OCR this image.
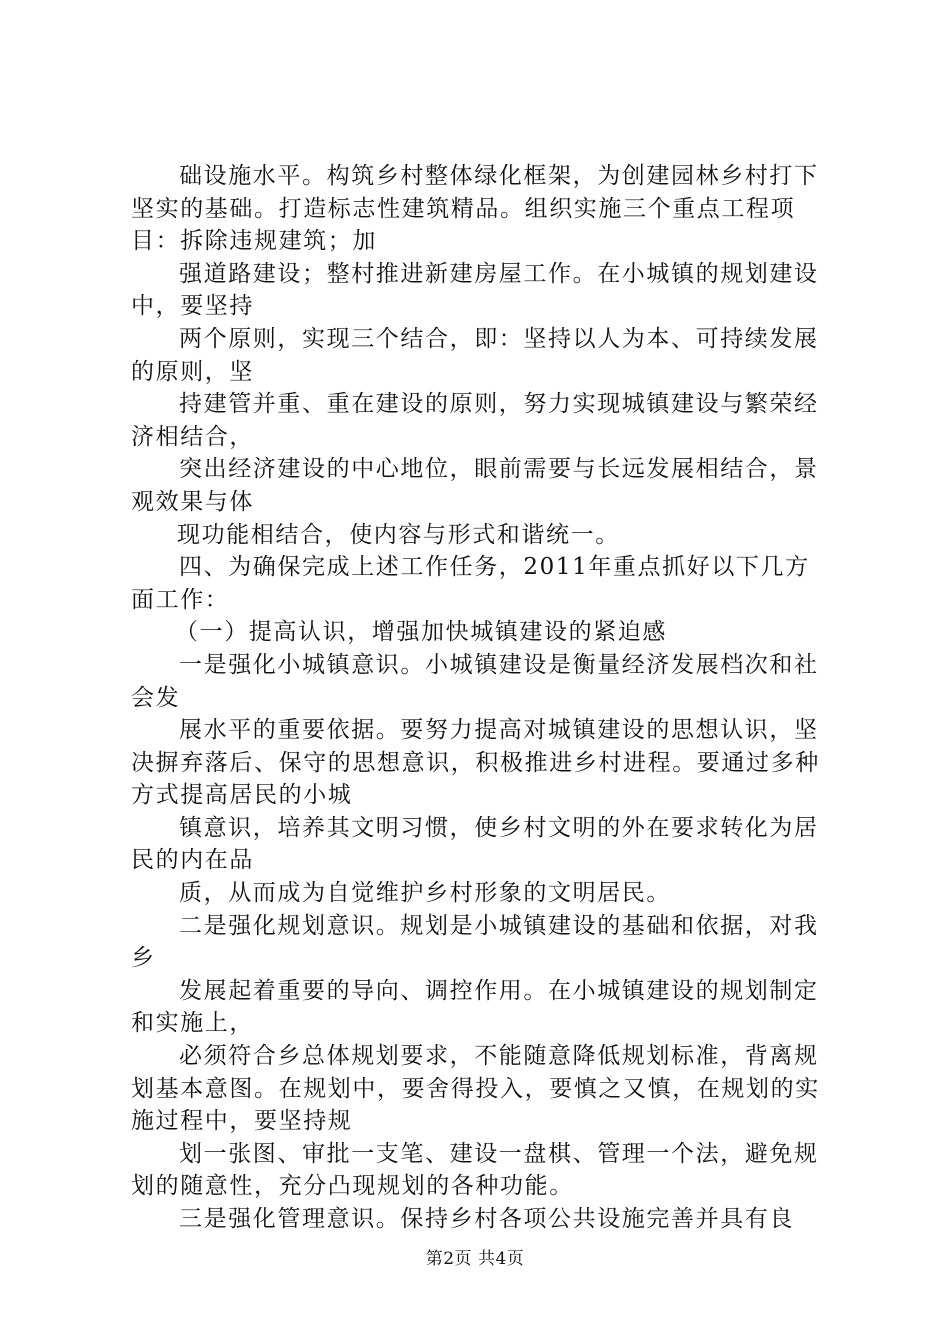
础设施水平。构筑乡村整体绿化框架，为创建园林乡村打下坚实的基础。打造标志性建筑精品。组织实施三个重点工程项目：拆除违规建筑；加

强道路建设；整村推进新建房屋工作。在小城镇的规划建设中，要坚持

两个原则，实现三个结合，即：坚持以人为本、可持续发展的原则，坚

持建管并重、重在建设的原则，努力实现城镇建设与繁荣经济相结合，

突出经济建设的中心地位，眼前需要与长远发展相结合，景观效果与体

现功能相结合，使内容与形式和谐统一。

四、为确保完成上述工作任务，2011年重点抓好以下几方面工作：

（一）提高认识，增强加快城镇建设的紧迫感

一是强化小城镇意识。小城镇建设是衡量经济发展档次和社会发

展水平的重要依据。要努力提高对城镇建设的思想认识，坚决摒弃落后、保守的思想意识，积极推进乡村进程。要通过多种方式提高居民的小城

镇意识，培养其文明习惯，使乡村文明的外在要求转化为居民的内在品

质，从而成为自觉维护乡村形象的文明居民。

二是强化规划意识。规划是小城镇建设的基础和依据，对我乡

发展起着重要的导向、调控作用。在小城镇建设的规划制定和实施上，

必须符合乡总体规划要求，不能随意降低规划标准，背离规划基本意图。在规划中，要舍得投入，要慎之又慎，在规划的实施过程中，要坚持规

划一张图、审批一支笔、建设一盘棋、管理一个法，避免规划的随意性，充分凸现规划的各种功能。

三是强化管理意识。保持乡村各项公共设施完善并具有良

第2页 共4页
